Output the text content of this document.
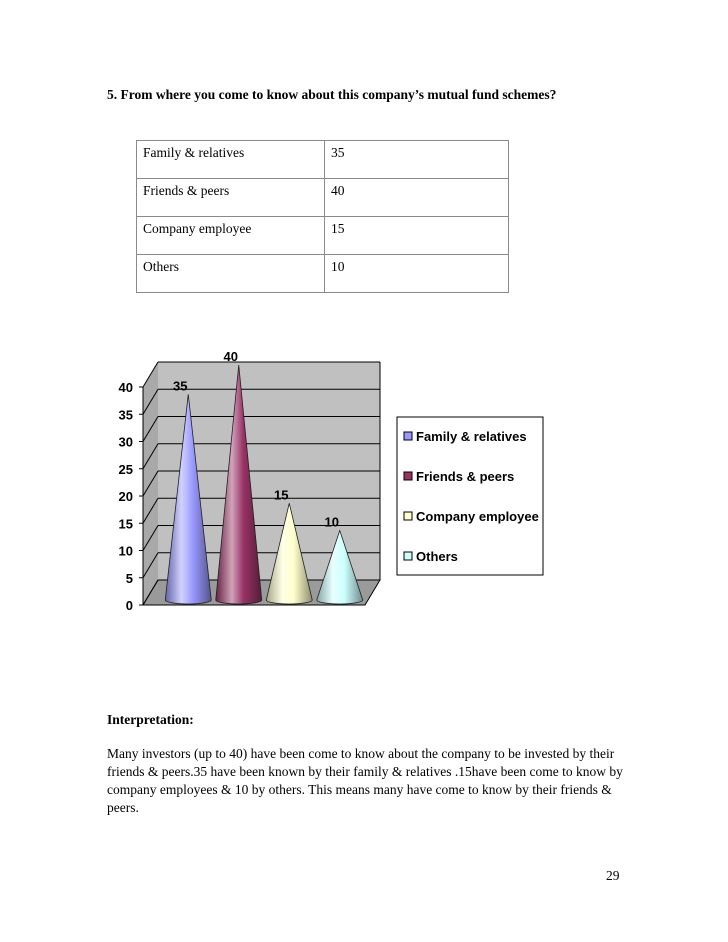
5. From where you come to know about this company’s mutual fund schemes?
Family & relatives	35
Friends & peers	40
Company employee	15
Others	10
0
5
10
15
20
25
30
35
40	35
40
15
10
Family & relatives
Friends & peers
Company employee
Others
Interpretation:
Many investors (up to 40) have been come to know about the company to be invested by their friends & peers.35 have been known by their family & relatives .15have been come to know by company employees & 10 by others. This means many have come to know by their friends & peers.
29
